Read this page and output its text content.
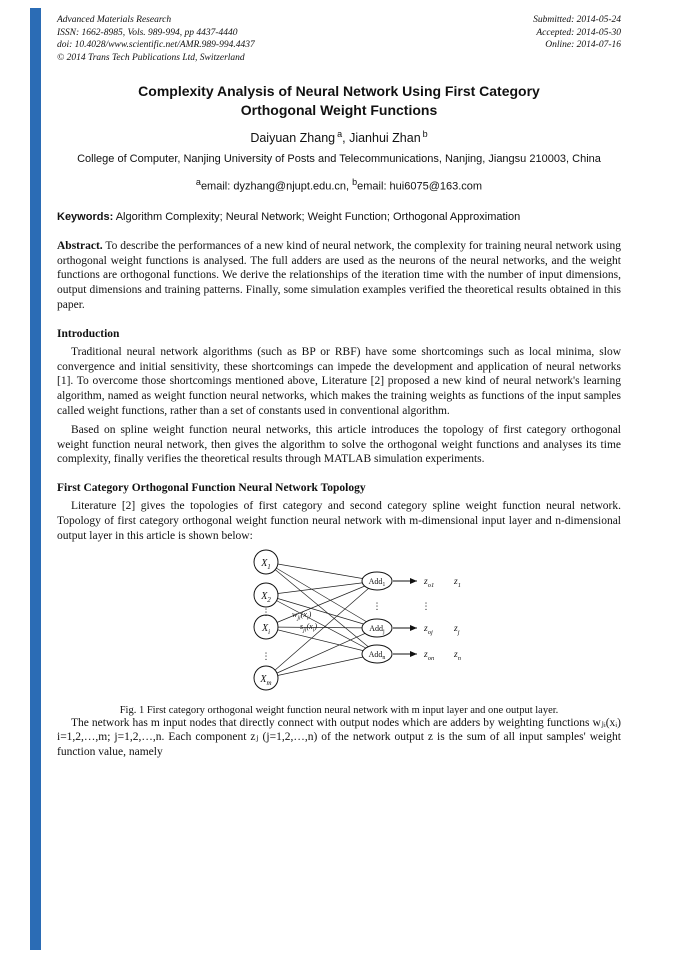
Advanced Materials Research
ISSN: 1662-8985, Vols. 989-994, pp 4437-4440
doi: 10.4028/www.scientific.net/AMR.989-994.4437
© 2014 Trans Tech Publications Ltd, Switzerland
Submitted: 2014-05-24
Accepted: 2014-05-30
Online: 2014-07-16
Complexity Analysis of Neural Network Using First Category
Orthogonal Weight Functions
Daiyuan Zhang $^a$, Jianhui Zhan $^b$
College of Computer, Nanjing University of Posts and Telecommunications, Nanjing, Jiangsu 210003, China
$^a$email: dyzhang@njupt.edu.cn, $^b$email: hui6075@163.com

Keywords: Algorithm Complexity; Neural Network; Weight Function; Orthogonal Approximation

Abstract. To describe the performances of a new kind of neural network, the complexity for training neural network using orthogonal weight functions is analysed. The full adders are used as the neurons of the neural networks, and the weight functions are orthogonal functions. We derive the relationships of the iteration time with the number of input dimensions, output dimensions and training patterns. Finally, some simulation examples verified the theoretical results obtained in this paper.

Introduction

Traditional neural network algorithms (such as BP or RBF) have some shortcomings such as local minima, slow convergence and initial sensitivity, these shortcomings can impede the development and application of neural networks [1]. To overcome those shortcomings mentioned above, Literature [2] proposed a new kind of neural network's learning algorithm, named as weight function neural networks, which makes the training weights as functions of the input samples called weight functions, rather than a set of constants used in conventional algorithm.

Based on spline weight function neural networks, this article introduces the topology of first category orthogonal weight function neural network, then gives the algorithm to solve the orthogonal weight functions and analyses its time complexity, finally verifies the theoretical results through MATLAB simulation experiments.

First Category Orthogonal Function Neural Network Topology

Literature [2] gives the topologies of first category and second category spline weight function neural network. Topology of first category orthogonal weight function neural network with m-dimensional input layer and n-dimensional output layer in this article is shown below:

$X_1$
$X_2$
$X_i$
$X_m$
⋮
⋮
Add$_1$
Add$_j$
Add$_n$
⋮
$w_{ji}(x_i)$
$s_{ji}(x_i)$
$z_{o1}$ $z_1$
$z_{oj}$ $z_j$
$z_{on}$ $z_n$
⋮
Fig. 1 First category orthogonal weight function neural network with m input layer and one output layer.

The network has m input nodes that directly connect with output nodes which are adders by weighting functions wⱼᵢ(xᵢ) i=1,2,…,m; j=1,2,…,n. Each component zⱼ (j=1,2,…,n) of the network output z is the sum of all input samples' weight function value, namely
